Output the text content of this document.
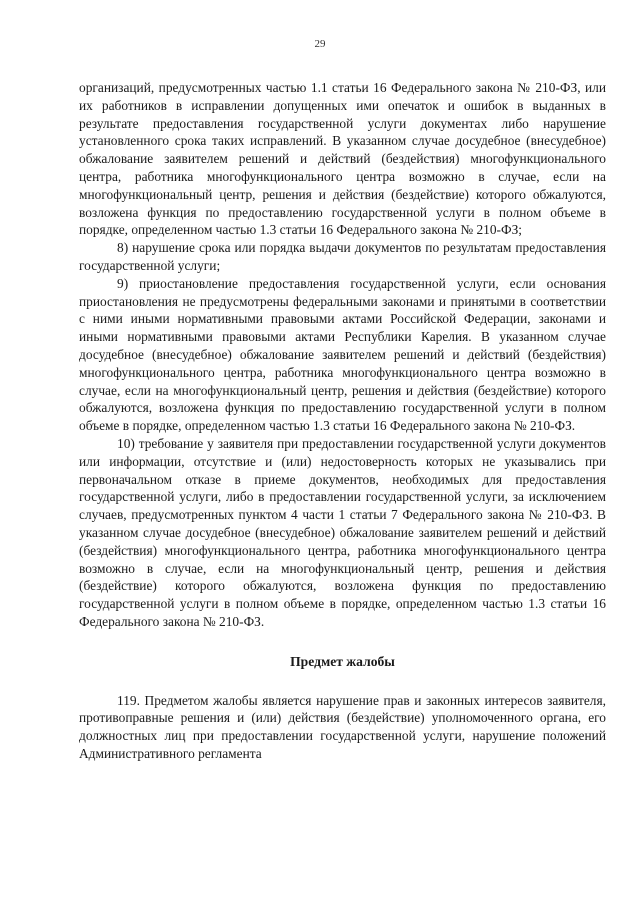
29

организаций, предусмотренных частью 1.1 статьи 16 Федерального закона № 210-ФЗ, или их работников в исправлении допущенных ими опечаток и ошибок в выданных в результате предоставления государственной услуги документах либо нарушение установленного срока таких исправлений. В указанном случае досудебное (внесудебное) обжалование заявителем решений и действий (бездействия) многофункционального центра, работника многофункционального центра возможно в случае, если на многофункциональный центр, решения и действия (бездействие) которого обжалуются, возложена функция по предоставлению государственной услуги в полном объеме в порядке, определенном частью 1.3 статьи 16 Федерального закона № 210-ФЗ;

8) нарушение срока или порядка выдачи документов по результатам предоставления государственной услуги;

9) приостановление предоставления государственной услуги, если основания приостановления не предусмотрены федеральными законами и принятыми в соответствии с ними иными нормативными правовыми актами Российской Федерации, законами и иными нормативными правовыми актами Республики Карелия. В указанном случае досудебное (внесудебное) обжалование заявителем решений и действий (бездействия) многофункционального центра, работника многофункционального центра возможно в случае, если на многофункциональный центр, решения и действия (бездействие) которого обжалуются, возложена функция по предоставлению государственной услуги в полном объеме в порядке, определенном частью 1.3 статьи 16 Федерального закона № 210-ФЗ.

10) требование у заявителя при предоставлении государственной услуги документов или информации, отсутствие и (или) недостоверность которых не указывались при первоначальном отказе в приеме документов, необходимых для предоставления государственной услуги, либо в предоставлении государственной услуги, за исключением случаев, предусмотренных пунктом 4 части 1 статьи 7 Федерального закона № 210-ФЗ. В указанном случае досудебное (внесудебное) обжалование заявителем решений и действий (бездействия) многофункционального центра, работника многофункционального центра возможно в случае, если на многофункциональный центр, решения и действия (бездействие) которого обжалуются, возложена функция по предоставлению государственной услуги в полном объеме в порядке, определенном частью 1.3 статьи 16 Федерального закона № 210-ФЗ.

Предмет жалобы

119. Предметом жалобы является нарушение прав и законных интересов заявителя, противоправные решения и (или) действия (бездействие) уполномоченного органа, его должностных лиц при предоставлении государственной услуги, нарушение положений Административного регламента
